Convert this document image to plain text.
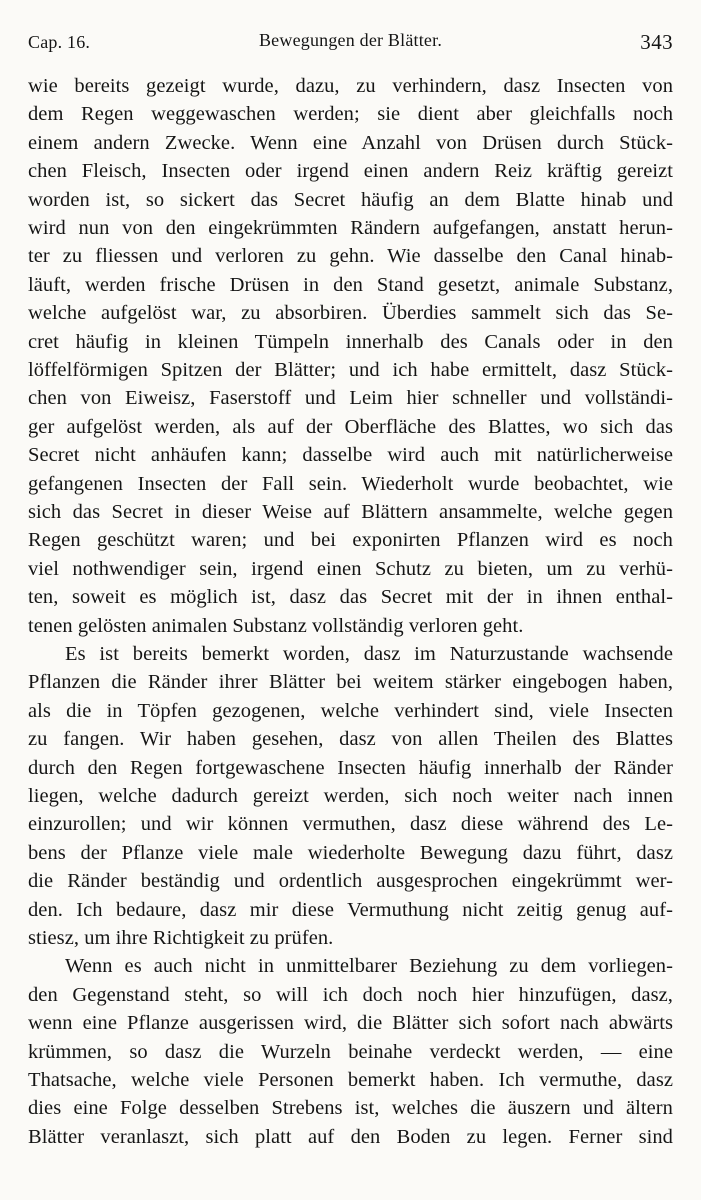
Cap. 16.	Bewegungen der Blätter.	343
wie bereits gezeigt wurde, dazu, zu verhindern, dasz Insecten von
dem Regen weggewaschen werden; sie dient aber gleichfalls noch
einem andern Zwecke. Wenn eine Anzahl von Drüsen durch Stück-
chen Fleisch, Insecten oder irgend einen andern Reiz kräftig gereizt
worden ist, so sickert das Secret häufig an dem Blatte hinab und
wird nun von den eingekrümmten Rändern aufgefangen, anstatt herun-
ter zu fliessen und verloren zu gehn. Wie dasselbe den Canal hinab-
läuft, werden frische Drüsen in den Stand gesetzt, animale Substanz,
welche aufgelöst war, zu absorbiren. Überdies sammelt sich das Se-
cret häufig in kleinen Tümpeln innerhalb des Canals oder in den
löffelförmigen Spitzen der Blätter; und ich habe ermittelt, dasz Stück-
chen von Eiweisz, Faserstoff und Leim hier schneller und vollständi-
ger aufgelöst werden, als auf der Oberfläche des Blattes, wo sich das
Secret nicht anhäufen kann; dasselbe wird auch mit natürlicherweise
gefangenen Insecten der Fall sein. Wiederholt wurde beobachtet, wie
sich das Secret in dieser Weise auf Blättern ansammelte, welche gegen
Regen geschützt waren; und bei exponirten Pflanzen wird es noch
viel nothwendiger sein, irgend einen Schutz zu bieten, um zu verhü-
ten, soweit es möglich ist, dasz das Secret mit der in ihnen enthal-
tenen gelösten animalen Substanz vollständig verloren geht.
Es ist bereits bemerkt worden, dasz im Naturzustande wachsende
Pflanzen die Ränder ihrer Blätter bei weitem stärker eingebogen haben,
als die in Töpfen gezogenen, welche verhindert sind, viele Insecten
zu fangen. Wir haben gesehen, dasz von allen Theilen des Blattes
durch den Regen fortgewaschene Insecten häufig innerhalb der Ränder
liegen, welche dadurch gereizt werden, sich noch weiter nach innen
einzurollen; und wir können vermuthen, dasz diese während des Le-
bens der Pflanze viele male wiederholte Bewegung dazu führt, dasz
die Ränder beständig und ordentlich ausgesprochen eingekrümmt wer-
den. Ich bedaure, dasz mir diese Vermuthung nicht zeitig genug auf-
stiesz, um ihre Richtigkeit zu prüfen.
Wenn es auch nicht in unmittelbarer Beziehung zu dem vorliegen-
den Gegenstand steht, so will ich doch noch hier hinzufügen, dasz,
wenn eine Pflanze ausgerissen wird, die Blätter sich sofort nach abwärts
krümmen, so dasz die Wurzeln beinahe verdeckt werden, — eine
Thatsache, welche viele Personen bemerkt haben. Ich vermuthe, dasz
dies eine Folge desselben Strebens ist, welches die äuszern und ältern
Blätter veranlaszt, sich platt auf den Boden zu legen. Ferner sind
